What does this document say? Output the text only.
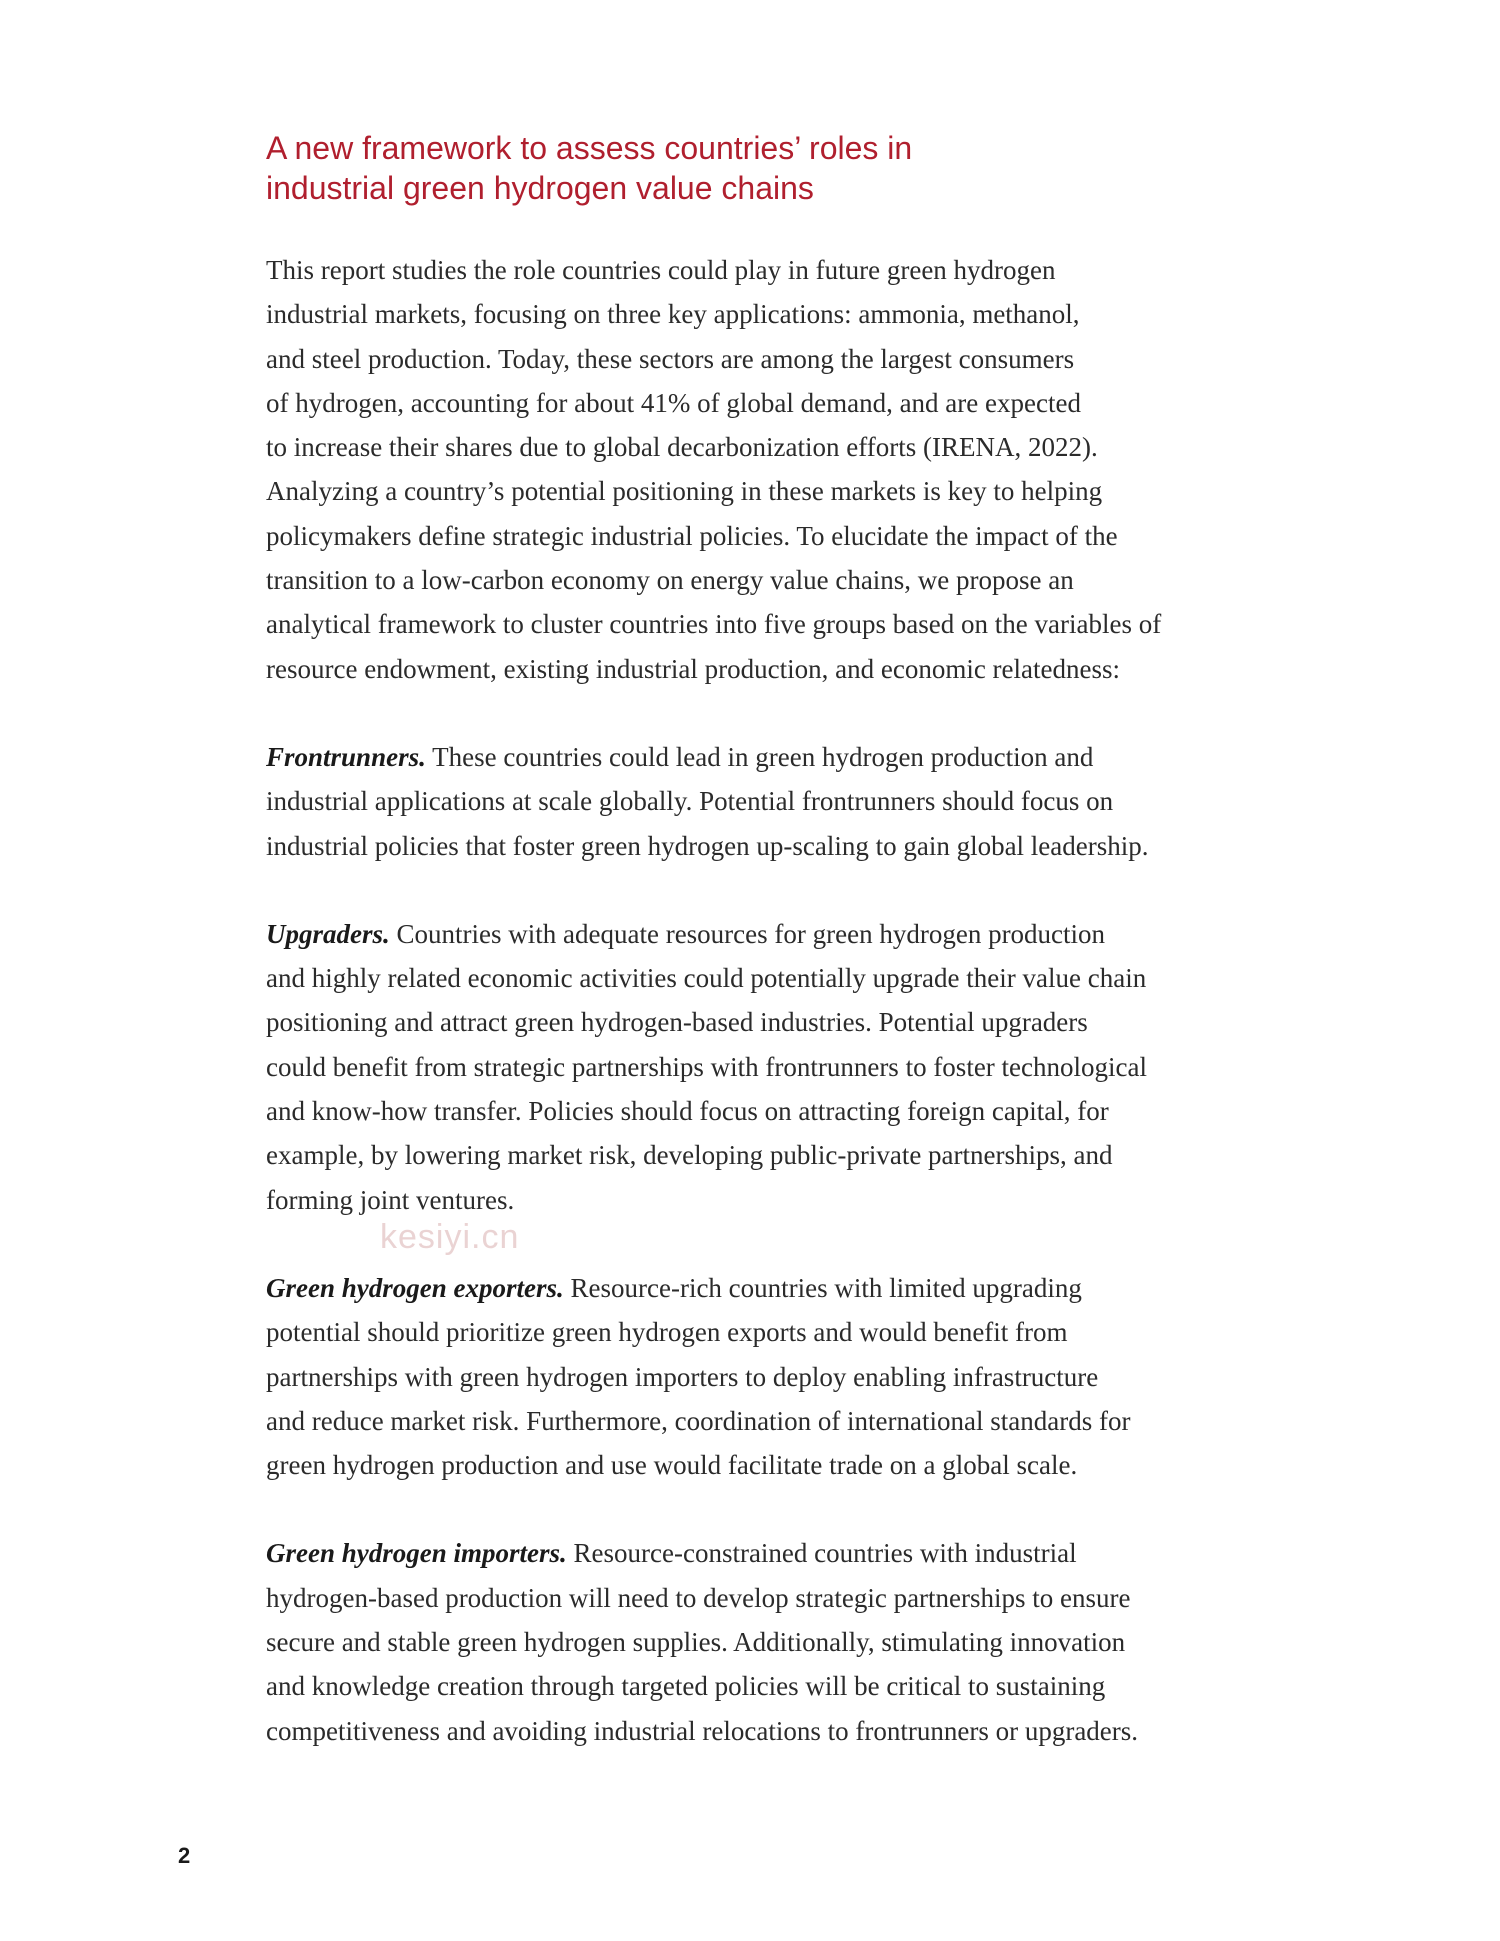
A new framework to assess countries’ roles in
industrial green hydrogen value chains

This report studies the role countries could play in future green hydrogen
industrial markets, focusing on three key applications: ammonia, methanol,
and steel production. Today, these sectors are among the largest consumers
of hydrogen, accounting for about 41% of global demand, and are expected
to increase their shares due to global decarbonization efforts (IRENA, 2022).
Analyzing a country’s potential positioning in these markets is key to helping
policymakers define strategic industrial policies. To elucidate the impact of the
transition to a low-carbon economy on energy value chains, we propose an
analytical framework to cluster countries into five groups based on the variables of
resource endowment, existing industrial production, and economic relatedness:

Frontrunners. These countries could lead in green hydrogen production and
industrial applications at scale globally. Potential frontrunners should focus on
industrial policies that foster green hydrogen up-scaling to gain global leadership.

Upgraders. Countries with adequate resources for green hydrogen production
and highly related economic activities could potentially upgrade their value chain
positioning and attract green hydrogen-based industries. Potential upgraders
could benefit from strategic partnerships with frontrunners to foster technological
and know-how transfer. Policies should focus on attracting foreign capital, for
example, by lowering market risk, developing public-private partnerships, and
forming joint ventures.

Green hydrogen exporters. Resource-rich countries with limited upgrading
potential should prioritize green hydrogen exports and would benefit from
partnerships with green hydrogen importers to deploy enabling infrastructure
and reduce market risk. Furthermore, coordination of international standards for
green hydrogen production and use would facilitate trade on a global scale.

Green hydrogen importers. Resource-constrained countries with industrial
hydrogen-based production will need to develop strategic partnerships to ensure
secure and stable green hydrogen supplies. Additionally, stimulating innovation
and knowledge creation through targeted policies will be critical to sustaining
competitiveness and avoiding industrial relocations to frontrunners or upgraders.

kesiyi.cn
2
